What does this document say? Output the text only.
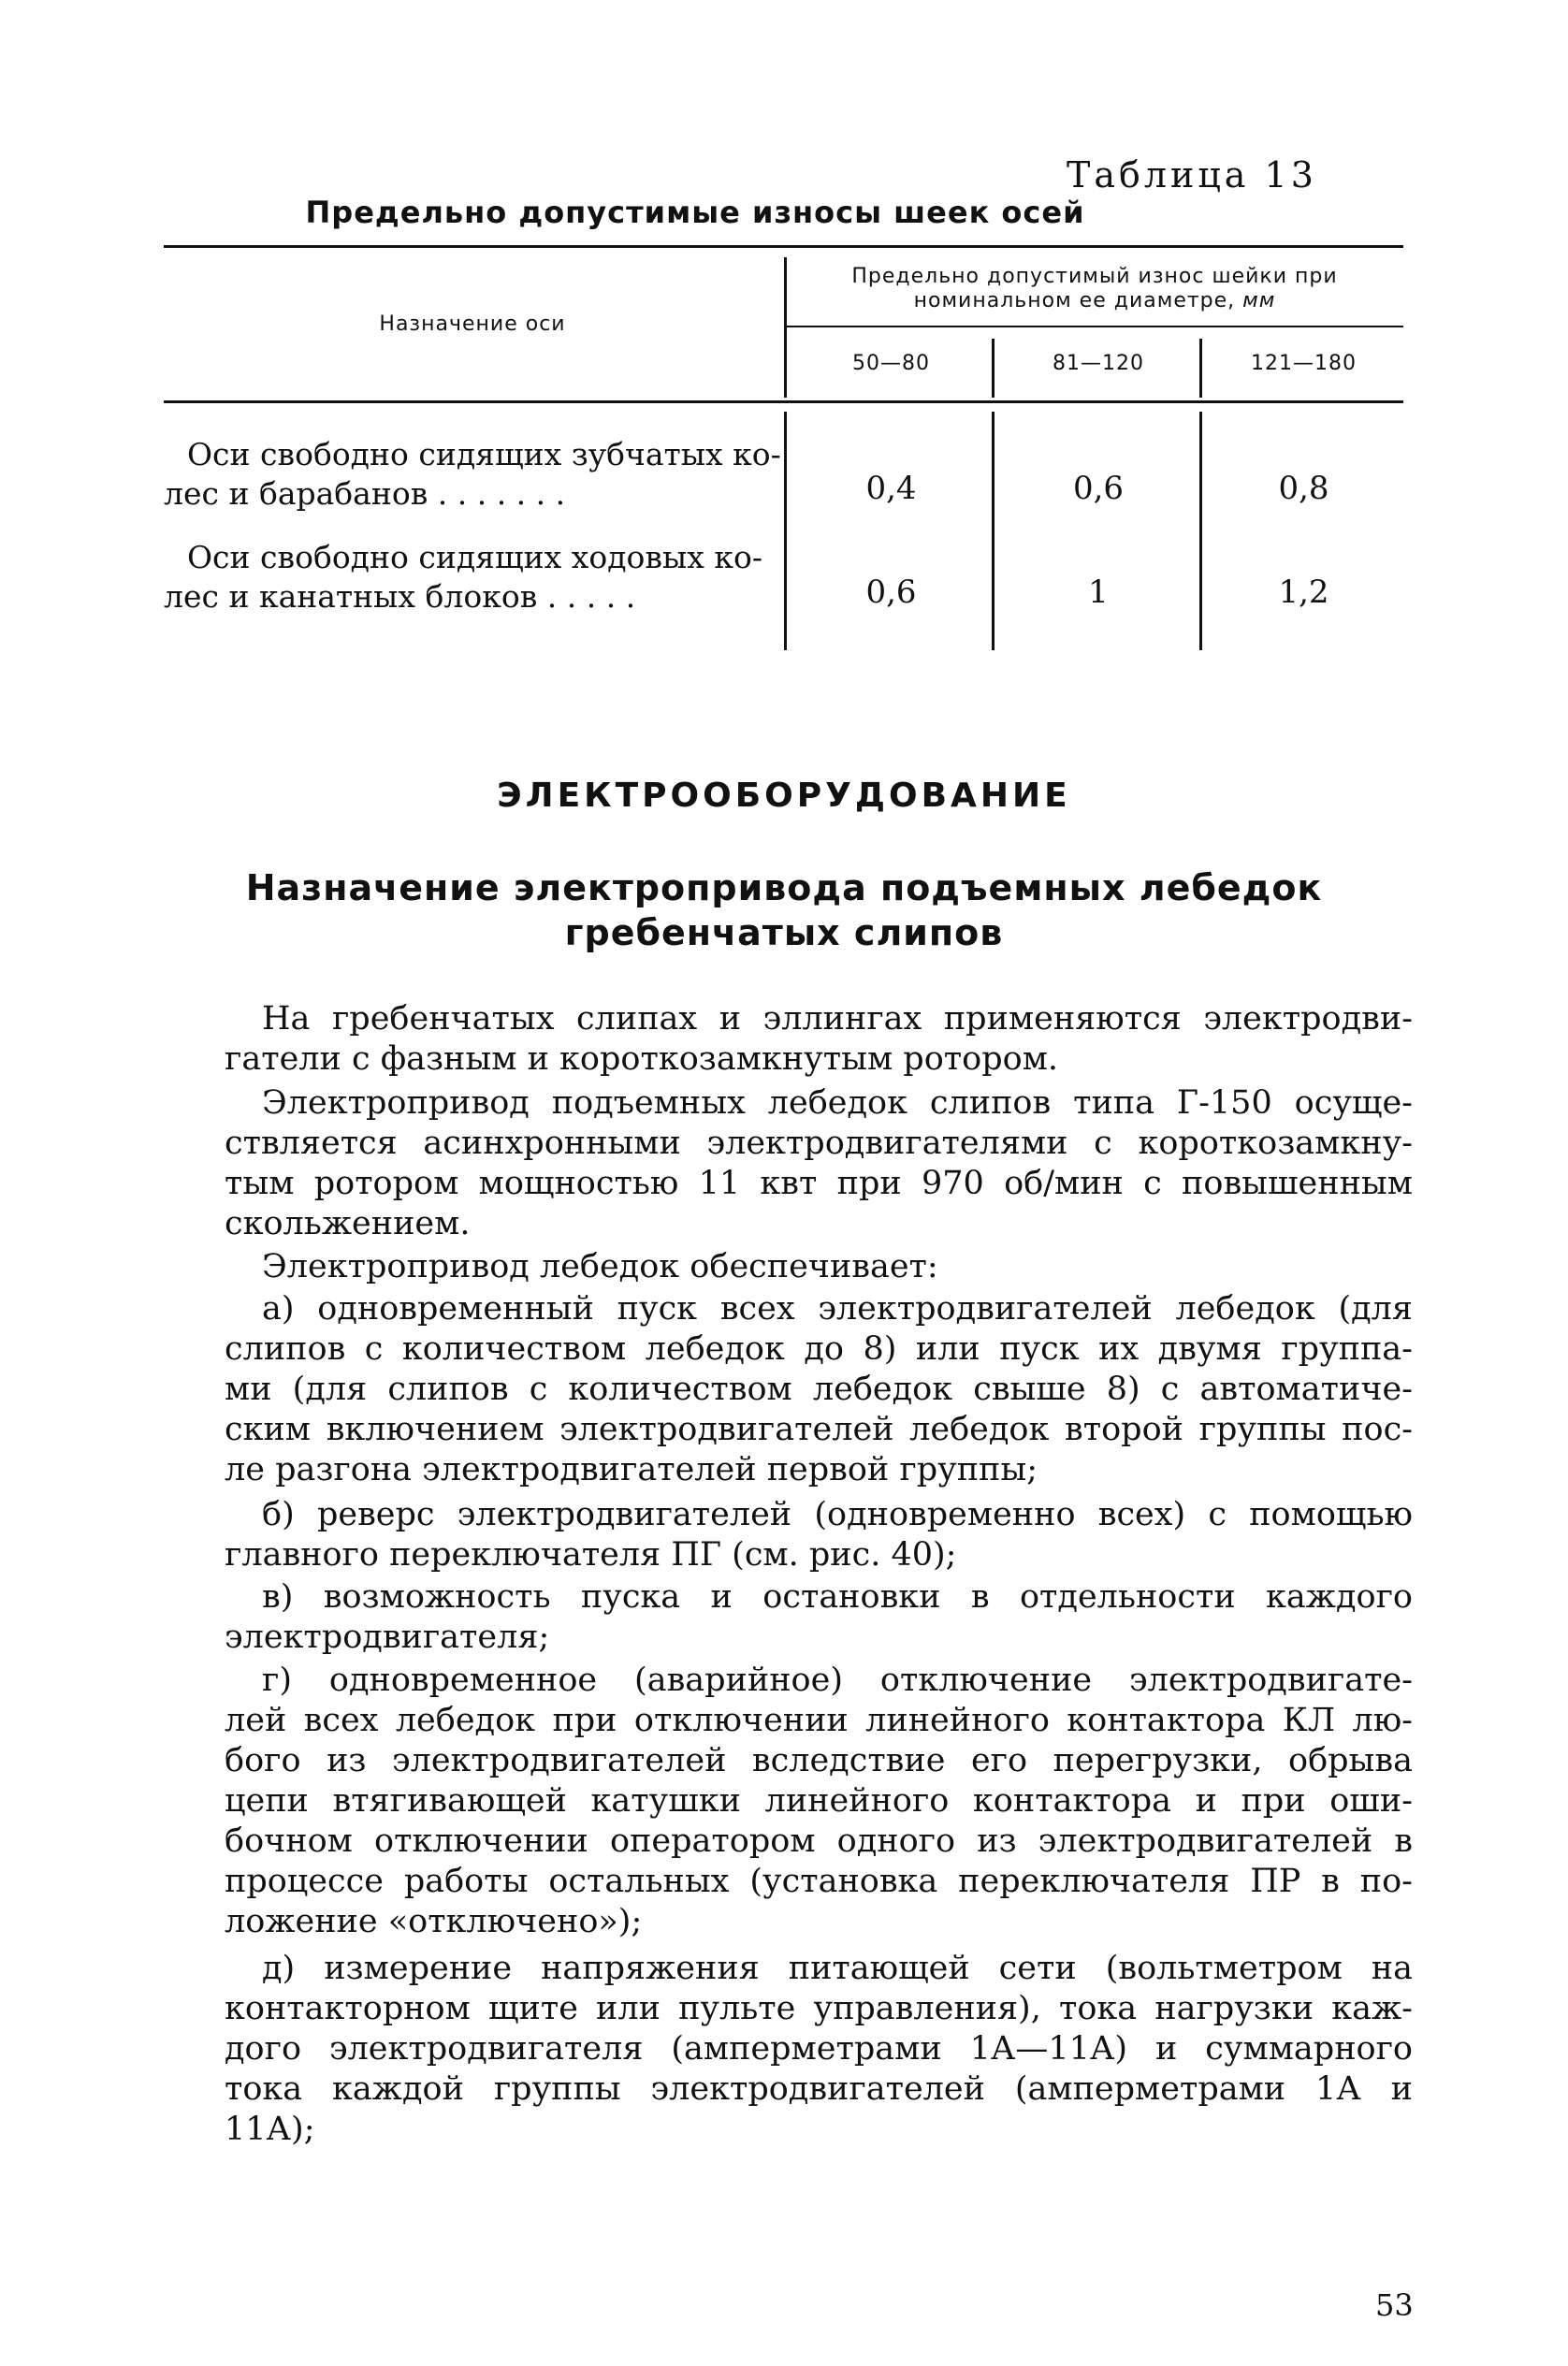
Таблица 13

Предельно допустимые износы шеек осей

Назначение оси
Предельно допустимый износ шейки при
номинальном ее диаметре, мм
50—80	81—120	121—180
Оси свободно сидящих зубчатых ко-
лес и барабанов . . . . . . .	0,4	0,6	0,8
Оси свободно сидящих ходовых ко-
лес и канатных блоков . . . . .	0,6	1	1,2

ЭЛЕКТРООБОРУДОВАНИЕ

Назначение электропривода подъемных лебедок
гребенчатых слипов

На гребенчатых слипах и эллингах применяются электродви-
гатели с фазным и короткозамкнутым ротором.
Электропривод подъемных лебедок слипов типа Г-150 осуще-
ствляется асинхронными электродвигателями с короткозамкну-
тым ротором мощностью 11 квт при 970 об/мин с повышенным
скольжением.
Электропривод лебедок обеспечивает:
а) одновременный пуск всех электродвигателей лебедок (для
слипов с количеством лебедок до 8) или пуск их двумя группа-
ми (для слипов с количеством лебедок свыше 8) с автоматиче-
ским включением электродвигателей лебедок второй группы пос-
ле разгона электродвигателей первой группы;
б) реверс электродвигателей (одновременно всех) с помощью
главного переключателя ПГ (см. рис. 40);
в) возможность пуска и остановки в отдельности каждого
электродвигателя;
г) одновременное (аварийное) отключение электродвигате-
лей всех лебедок при отключении линейного контактора КЛ лю-
бого из электродвигателей вследствие его перегрузки, обрыва
цепи втягивающей катушки линейного контактора и при оши-
бочном отключении оператором одного из электродвигателей в
процессе работы остальных (установка переключателя ПР в по-
ложение «отключено»);
д) измерение напряжения питающей сети (вольтметром на
контакторном щите или пульте управления), тока нагрузки каж-
дого электродвигателя (амперметрами 1А—11А) и суммарного
тока каждой группы электродвигателей (амперметрами 1А и
11А);

53
